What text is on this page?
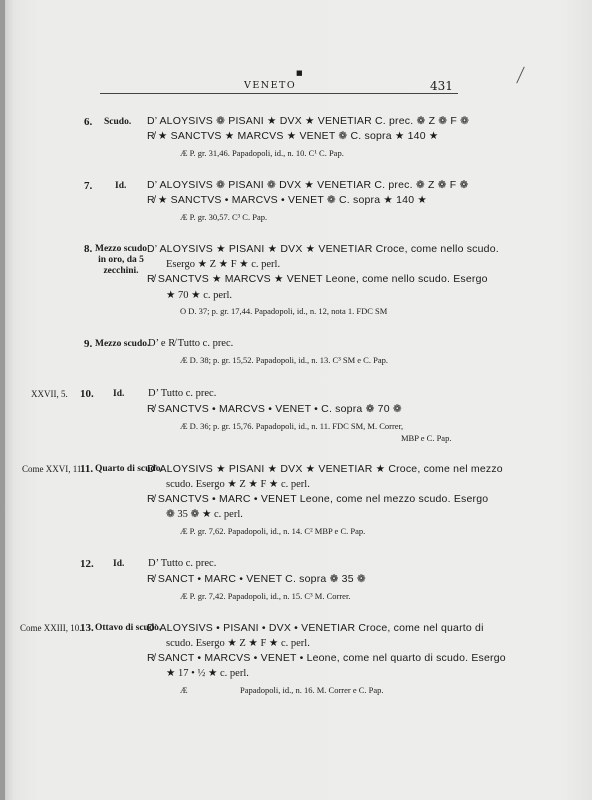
■
VENETO	431
6. Scudo. D’ ALOYSIVS ❁ PISANI ★ DVX ★ VENETIAR C. prec. ❁ Z ❁ F ❁
R̸ ★ SANCTVS ★ MARCVS ★ VENET ❁ C. sopra ★ 140 ★
Æ P. gr. 31,46. Papadopoli, id., n. 10. C¹ C. Pap.
7. Id. D’ ALOYSIVS ❁ PISANI ❁ DVX ★ VENETIAR C. prec. ❁ Z ❁ F ❁
R̸ ★ SANCTVS • MARCVS • VENET ❁ C. sopra ★ 140 ★
Æ P. gr. 30,57. C³ C. Pap.
8. Mezzo scudo in oro, da 5 zecchini.
D’ ALOYSIVS ★ PISANI ★ DVX ★ VENETIAR Croce, come nello scudo.
Esergo ★ Z ★ F ★ c. perl.
R̸ SANCTVS ★ MARCVS ★ VENET Leone, come nello scudo. Esergo
★ 70 ★ c. perl.
O D. 37; p. gr. 17,44. Papadopoli, id., n. 12, nota 1. FDC SM
9. Mezzo scudo.
D’ e R̸ Tutto c. prec.
Æ D. 38; p. gr. 15,52. Papadopoli, id., n. 13. C³ SM e C. Pap.
XXVII, 5. 10. Id. D’ Tutto c. prec.
R̸ SANCTVS • MARCVS • VENET • C. sopra ❁ 70 ❁
Æ D. 36; p. gr. 15,76. Papadopoli, id., n. 11. FDC SM, M. Correr,
MBP e C. Pap.
Come XXVI, 11.
11. Quarto di scudo.
D’ ALOYSIVS ★ PISANI ★ DVX ★ VENETIAR ★ Croce, come nel mezzo
scudo. Esergo ★ Z ★ F ★ c. perl.
R̸ SANCTVS • MARC • VENET Leone, come nel mezzo scudo. Esergo
❁ 35 ❁ ★ c. perl.
Æ P. gr. 7,62. Papadopoli, id., n. 14. C² MBP e C. Pap.
12. Id. D’ Tutto c. prec.
R̸ SANCT • MARC • VENET C. sopra ❁ 35 ❁
Æ P. gr. 7,42. Papadopoli, id., n. 15. C³ M. Correr.
Come XXIII, 10.
13. Ottavo di scudo.
D’ ALOYSIVS • PISANI • DVX • VENETIAR Croce, come nel quarto di
scudo. Esergo ★ Z ★ F ★ c. perl.
R̸ SANCT • MARCVS • VENET • Leone, come nel quarto di scudo. Esergo
★ 17 • ½ ★ c. perl.
Æ	Papadopoli, id., n. 16. M. Correr e C. Pap.
